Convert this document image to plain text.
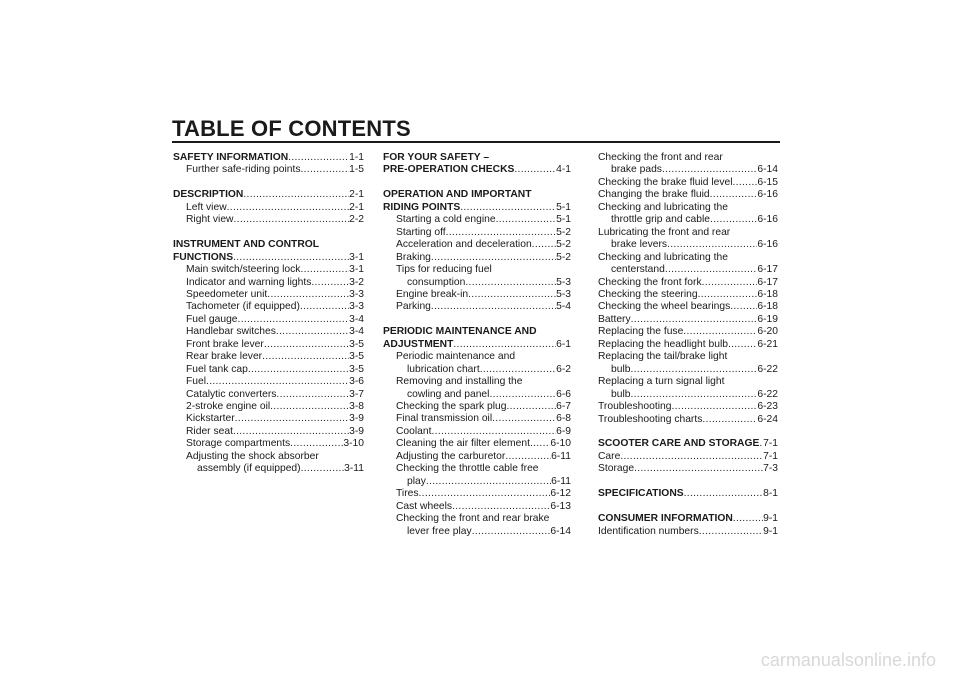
TABLE OF CONTENTS
SAFETY INFORMATION .....	1-1
Further safe-riding points .....	1-5
DESCRIPTION .....	2-1
Left view .....	2-1
Right view .....	2-2
INSTRUMENT AND CONTROL
FUNCTIONS .....	3-1
Main switch/steering lock .....	3-1
Indicator and warning lights .....	3-2
Speedometer unit .....	3-3
Tachometer (if equipped) .....	3-3
Fuel gauge .....	3-4
Handlebar switches .....	3-4
Front brake lever .....	3-5
Rear brake lever .....	3-5
Fuel tank cap .....	3-5
Fuel .....	3-6
Catalytic converters .....	3-7
2-stroke engine oil .....	3-8
Kickstarter .....	3-9
Rider seat .....	3-9
Storage compartments .....	3-10
Adjusting the shock absorber
assembly (if equipped) .....	3-11
FOR YOUR SAFETY –
PRE-OPERATION CHECKS .....	4-1
OPERATION AND IMPORTANT
RIDING POINTS .....	5-1
Starting a cold engine .....	5-1
Starting off .....	5-2
Acceleration and deceleration ..... 5-2
Braking .....	5-2
Tips for reducing fuel
consumption .....	5-3
Engine break-in .....	5-3
Parking .....	5-4
PERIODIC MAINTENANCE AND
ADJUSTMENT .....	6-1
Periodic maintenance and
lubrication chart .....	6-2
Removing and installing the
cowling and panel .....	6-6
Checking the spark plug .....	6-7
Final transmission oil .....	6-8
Coolant .....	6-9
Cleaning the air filter element ..... 6-10
Adjusting the carburetor .....	6-11
Checking the throttle cable free
play .....	6-11
Tires .....	6-12
Cast wheels .....	6-13
Checking the front and rear brake
lever free play .....	6-14
Checking the front and rear
brake pads .....	6-14
Checking the brake fluid level ..... 6-15
Changing the brake fluid .....	6-16
Checking and lubricating the
throttle grip and cable .....	6-16
Lubricating the front and rear
brake levers .....	6-16
Checking and lubricating the
centerstand .....	6-17
Checking the front fork .....	6-17
Checking the steering .....	6-18
Checking the wheel bearings .....	6-18
Battery .....	6-19
Replacing the fuse .....	6-20
Replacing the headlight bulb .....	6-21
Replacing the tail/brake light
bulb .....	6-22
Replacing a turn signal light
bulb .....	6-22
Troubleshooting .....	6-23
Troubleshooting charts .....	6-24
SCOOTER CARE AND STORAGE ..... 7-1
Care .....	7-1
Storage .....	7-3
SPECIFICATIONS .....	8-1
CONSUMER INFORMATION .....	9-1
Identification numbers .....	9-1
carmanualsonline.info
